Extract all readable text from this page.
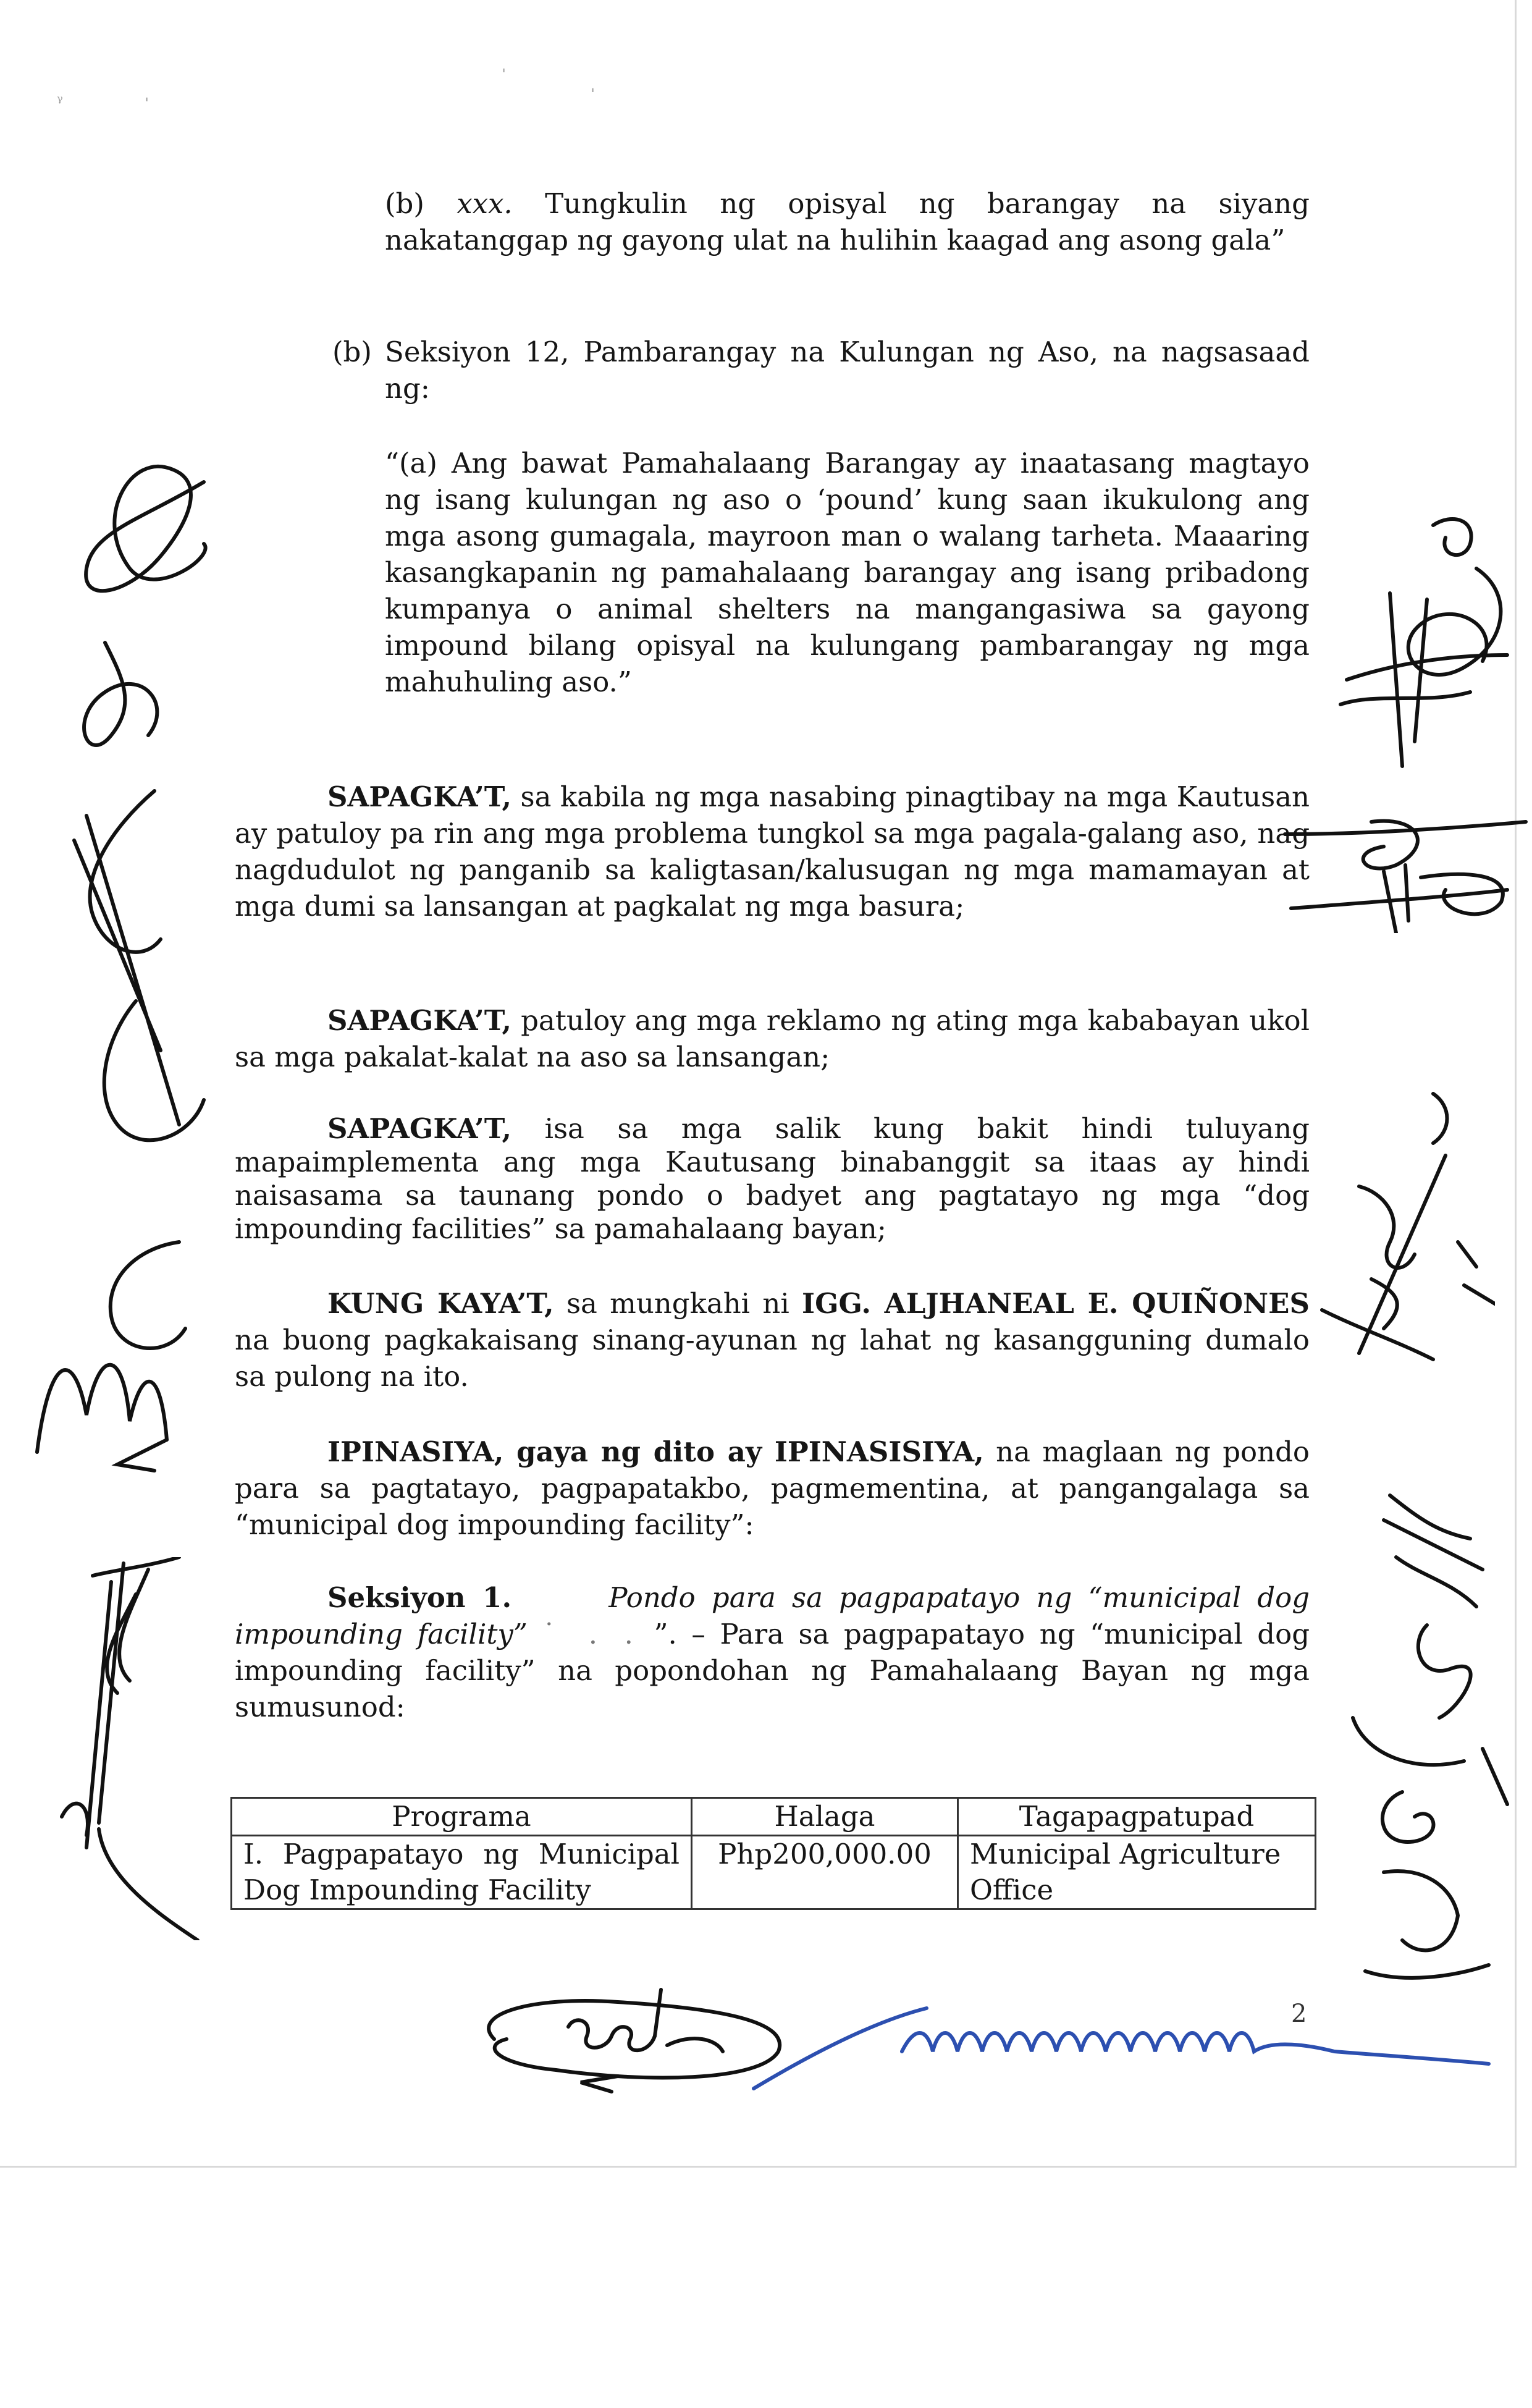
ᵞ	ˌ
ˈ
ˈ
(b) xxx. Tungkulin ng opisyal ng barangay na siyang nakatanggap ng gayong ulat na hulihin kaagad ang asong gala”
(b) Seksiyon 12, Pambarangay na Kulungan ng Aso, na nagsasaad ng:
“(a) Ang bawat Pamahalaang Barangay ay inaatasang magtayo ng isang kulungan ng aso o ‘pound’ kung saan ikukulong ang mga asong gumagala, mayroon man o walang tarheta. Maaaring kasangkapanin ng pamahalaang barangay ang isang pribadong kumpanya o animal shelters na mangangasiwa sa gayong impound bilang opisyal na kulungang pambarangay ng mga mahuhuling aso.”
SAPAGKA’T, sa kabila ng mga nasabing pinagtibay na mga Kautusan ay patuloy pa rin ang mga problema tungkol sa mga pagala-galang aso, nag nagdudulot ng panganib sa kaligtasan/kalusugan ng mga mamamayan at mga dumi sa lansangan at pagkalat ng mga basura;
SAPAGKA’T, patuloy ang mga reklamo ng ating mga kababayan ukol sa mga pakalat-kalat na aso sa lansangan;
SAPAGKA’T, isa sa mga salik kung bakit hindi tuluyang mapaimplementa ang mga Kautusang binabanggit sa itaas ay hindi naisasama sa taunang pondo o badyet ang pagtatayo ng mga “dog impounding facilities” sa pamahalaang bayan;
KUNG KAYA’T, sa mungkahi ni IGG. ALJHANEAL E. QUIÑONES na buong pagkakaisang sinang-ayunan ng lahat ng kasangguning dumalo sa pulong na ito.
IPINASIYA, gaya ng dito ay IPINASISIYA, na maglaan ng pondo para sa pagtatayo, pagpapatakbo, pagmementina, at pangangalaga sa “municipal dog impounding facility”:
Seksiyon 1.	Pondo para sa pagpapatayo ng “municipal dog impounding facility” ˙ . . ”. – Para sa pagpapatayo ng “municipal dog impounding facility” na popondohan ng Pamahalaang Bayan ng mga sumusunod:
Programa	Halaga	Tagapagpatupad
I. Pagpapatayo ng Municipal Dog Impounding Facility	Php200,000.00	Municipal Agriculture Office
2
